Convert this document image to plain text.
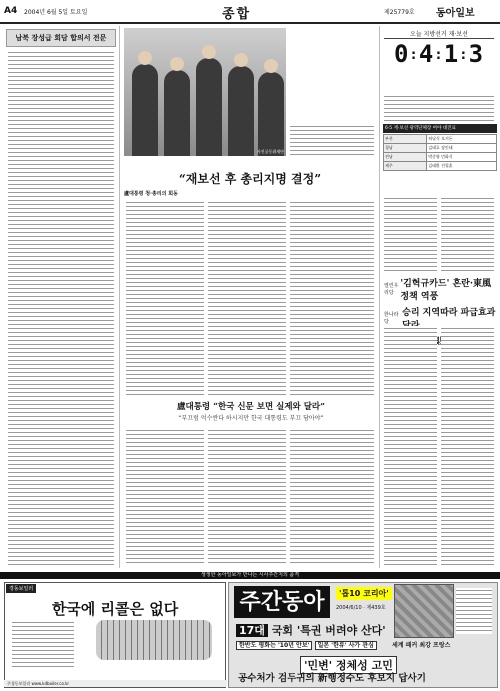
A4 2004년 6월 5일 토요일	종합	제25779호 동아일보
남북 장성급 회담 합의서 전문
사진공동취재단
“재보선 후 총리지명 결정”
盧대통령 청·총리의 회동
盧대통령 “한국 신문 보면 실제와 달라”
“부끄럼 억수싼다 하시지만 한국 대통령도 부끄 담아야”
오늘 지방선거 재·보선
0:4:1:3
6·5 재·보선 광역단체장 여야 대진표
부산	허남식 오거돈
경남	김태호 장인태
전남	박준영 민화식
제주	김태환 진철훈
열린우리당
'김혁규카드' 혼란·東風정책 역풍
한나라당
승리 지역따라 파급효과
與野
생생한 동아일보가 만나는 시사주간지의 품격
경동보일러
한국에 리콜은 없다
주경동보일러 www.kdboiler.co.kr
주간동아	'톱10 코리아'
2004/6/10 · 제439호
17대 국회 '특권 버려야 산다'
한반도 평화는 '10년 안보' 일본 '한류' 사가 관심	세계 패커 최강 프랑스
'민변' 정체성 고민
공수처가 검두귀의 新행정수도 후보지 답사기
